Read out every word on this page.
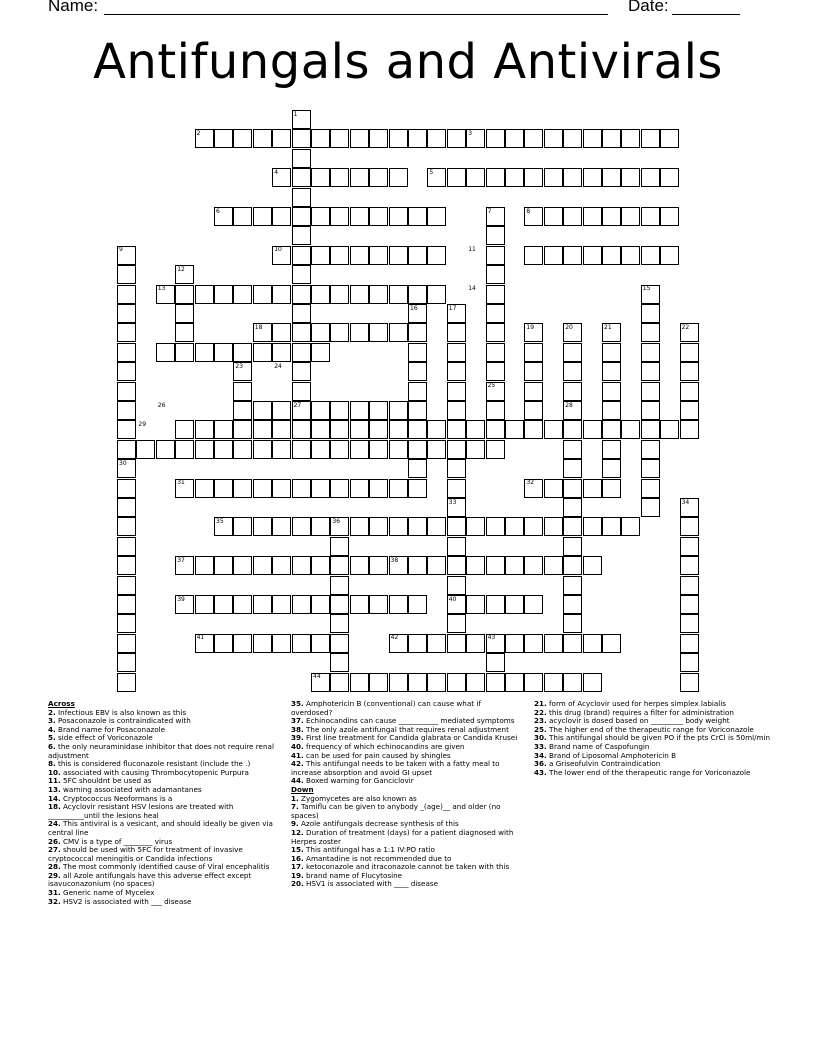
Name:	Date:
Antifungals and Antivirals
1
2	3
4	5
6	7	8
9	10	11
12
13	14	15
16	17
18	19	20	21	22
23	24
25
26	27	28
29
30
31	32
33	34
35	36
37	38
39	40
41	42	43
44
Across
2. Infectious EBV is also known as this
3. Posaconazole is contraindicated with
4. Brand name for Posaconazole
5. side effect of Voriconazole
6. the only neuraminidase inhibitor that does not require renal adjustment
8. this is considered fluconazole resistant (include the .)
10. associated with causing Thrombocytopenic Purpura
11. 5FC shouldnt be used as
13. warning associated with adamantanes
14. Cryptococcus Neoformans is a
18. Acyclovir resistant HSV lesions are treated with __________until the lesions heal
24. This antiviral is a vesicant, and should ideally be given via central line
26. CMV is a type of ________ virus
27. should be used with 5FC for treatment of invasive cryptococcal meningitis or Candida infections
28. The most commonly identified cause of Viral encephalitis
29. all Azole antifungals have this adverse effect except isavuconazonium (no spaces)
31. Generic name of Mycelex
32. HSV2 is associated with ___ disease
35. Amphotericin B (conventional) can cause what if overdosed?
37. Echinocandins can cause ___________ mediated symptoms
38. The only azole antifungal that requires renal adjustment
39. First line treatment for Candida glabrata or Candida Krusei
40. frequency of which echinocandins are given
41. can be used for pain caused by shingles
42. This antifungal needs to be taken with a fatty meal to increase absorption and avoid GI upset
44. Boxed warning for Ganciclovir
Down
1. Zygomycetes are also known as
7. Tamiflu can be given to anybody _(age)__ and older (no spaces)
9. Azole antifungals decrease synthesis of this
12. Duration of treatment (days) for a patient diagnosed with Herpes zoster
15. This antifungal has a 1:1 IV:PO ratio
16. Amantadine is not recommended due to
17. ketoconazole and itraconazole cannot be taken with this
19. brand name of Flucytosine
20. HSV1 is associated with ____ disease
21. form of Acyclovir used for herpes simplex labialis
22. this drug (brand) requires a filter for administration
23. acyclovir is dosed based on _________ body weight
25. The higher end of the therapeutic range for Voriconazole
30. This antifungal should be given PO if the pts CrCl is 50ml/min
33. Brand name of Caspofungin
34. Brand of Liposomal Amphotericin B
36. a Griseofulvin Contraindication
43. The lower end of the therapeutic range for Voriconazole
